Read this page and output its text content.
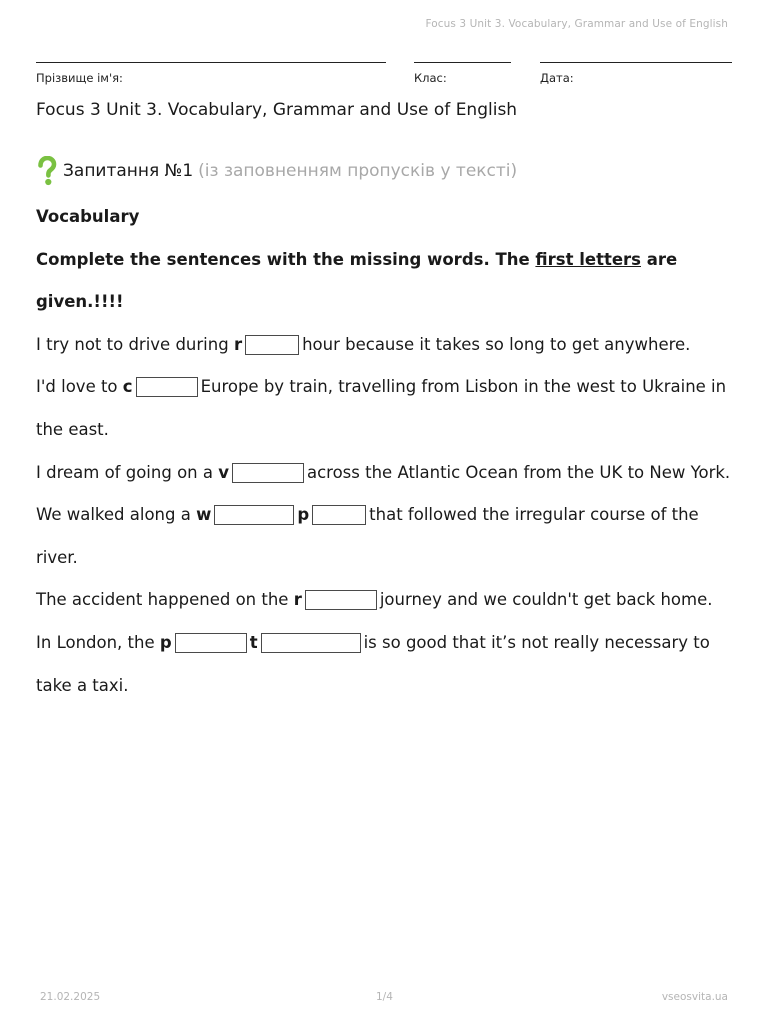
Focus 3 Unit 3. Vocabulary, Grammar and Use of English
Прізвище ім'я:	Клас:	Дата:
Focus 3 Unit 3. Vocabulary, Grammar and Use of English
Запитання №1 (із заповненням пропусків у тексті)

Vocabulary

Complete the sentences with the missing words. The first letters are given.!!!!

I try not to drive during r	hour because it takes so long to get anywhere.

I'd love to c	Europe by train, travelling from Lisbon in the west to Ukraine in the east.

I dream of going on a v	across the Atlantic Ocean from the UK to New York.

We walked along a w	p	that followed the irregular course of the river.

The accident happened on the r	journey and we couldn't get back home.

In London, the p	t	is so good that it’s not really necessary to take a taxi.

21.02.2025	1/4	vseosvita.ua
